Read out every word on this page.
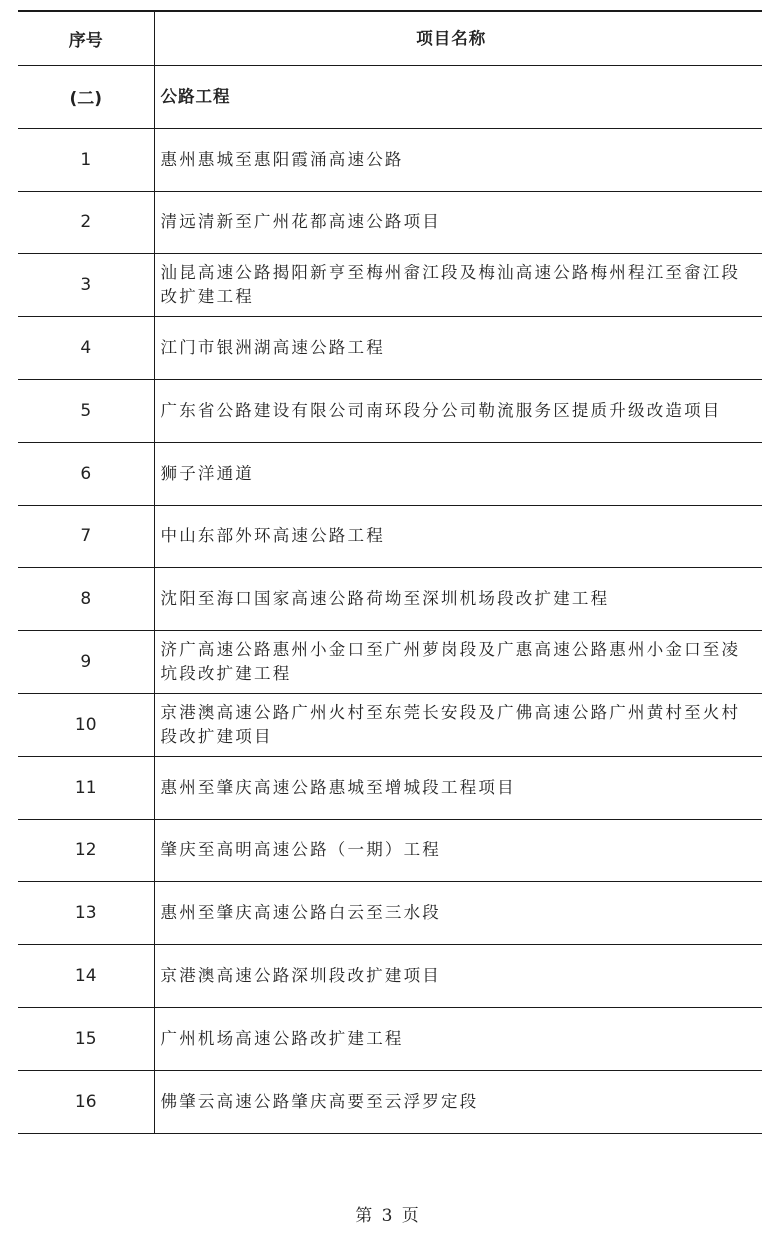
序号	项目名称
(二)	公路工程
1	惠州惠城至惠阳霞涌高速公路
2	清远清新至广州花都高速公路项目
3	汕昆高速公路揭阳新亨至梅州畲江段及梅汕高速公路梅州程江至畲江段改扩建工程
4	江门市银洲湖高速公路工程
5	广东省公路建设有限公司南环段分公司勒流服务区提质升级改造项目
6	狮子洋通道
7	中山东部外环高速公路工程
8	沈阳至海口国家高速公路荷坳至深圳机场段改扩建工程
9	济广高速公路惠州小金口至广州萝岗段及广惠高速公路惠州小金口至凌坑段改扩建工程
10	京港澳高速公路广州火村至东莞长安段及广佛高速公路广州黄村至火村段改扩建项目
11	惠州至肇庆高速公路惠城至增城段工程项目
12	肇庆至高明高速公路（一期）工程
13	惠州至肇庆高速公路白云至三水段
14	京港澳高速公路深圳段改扩建项目
15	广州机场高速公路改扩建工程
16	佛肇云高速公路肇庆高要至云浮罗定段
第 3 页
